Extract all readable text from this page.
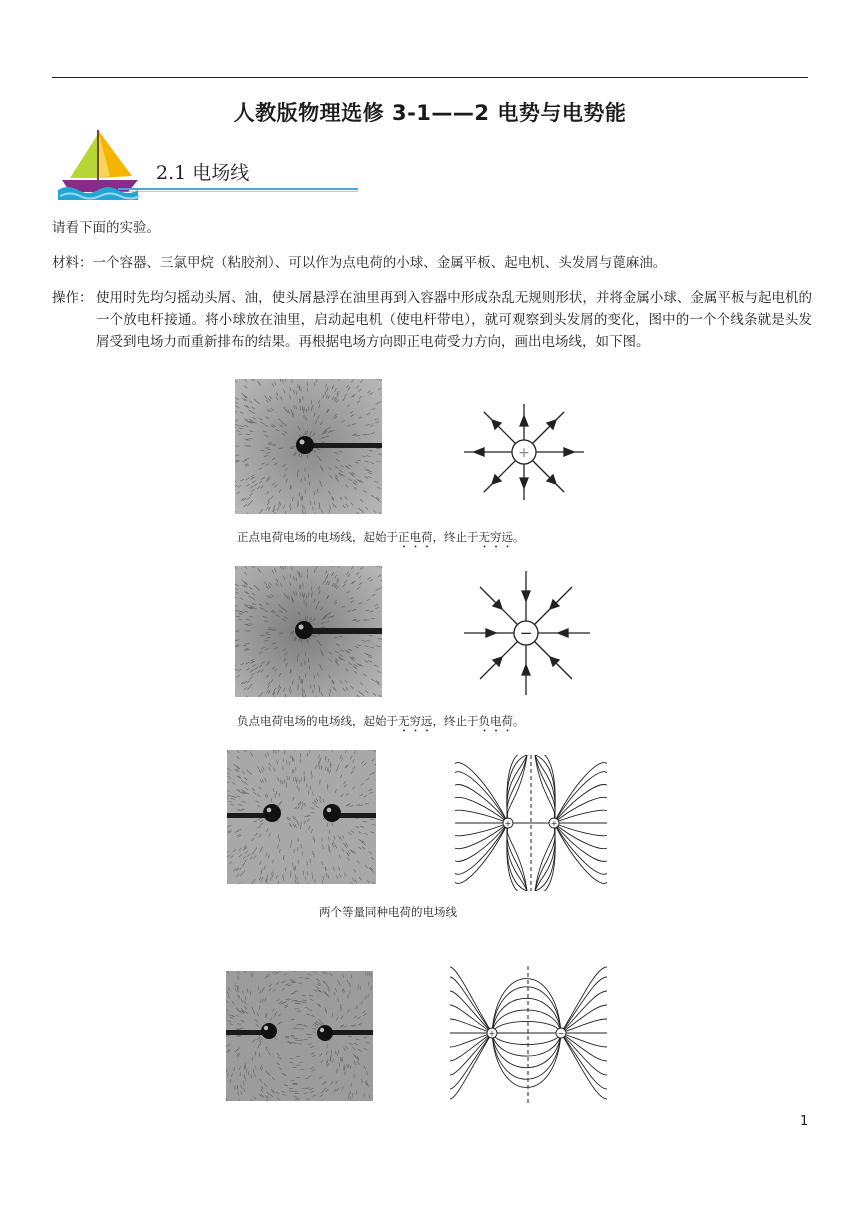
人教版物理选修 3-1——2 电势与电势能
2.1 电场线
请看下面的实验。
材料：一个容器、三氯甲烷（粘胶剂）、可以作为点电荷的小球、金属平板、起电机、头发屑与蓖麻油。
操作： 使用时先均匀摇动头屑、油，使头屑悬浮在油里再到入容器中形成杂乱无规则形状，并将金属小球、金属平板与起电机的一个放电杆接通。将小球放在油里，启动起电机（使电杆带电），就可观察到头发屑的变化，图中的一个个线条就是头发屑受到电场力而重新排布的结果。再根据电场方向即正电荷受力方向，画出电场线，如下图。
+
正点电荷电场的电场线，起始于正电荷，终止于无穷远。
−
负点电荷电场的电场线，起始于无穷远，终止于负电荷。
+	+
两个等量同种电荷的电场线
+	−
1
